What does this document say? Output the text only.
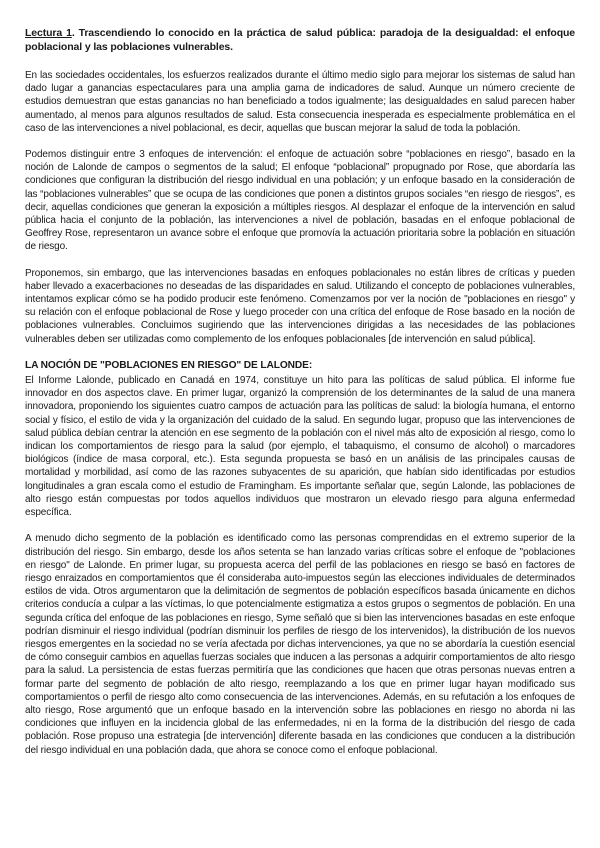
Lectura 1. Trascendiendo lo conocido en la práctica de salud pública: paradoja de la desigualdad: el enfoque poblacional y las poblaciones vulnerables.

En las sociedades occidentales, los esfuerzos realizados durante el último medio siglo para mejorar los sistemas de salud han dado lugar a ganancias espectaculares para una amplia gama de indicadores de salud. Aunque un número creciente de estudios demuestran que estas ganancias no han beneficiado a todos igualmente; las desigualdades en salud parecen haber aumentado, al menos para algunos resultados de salud. Esta consecuencia inesperada es especialmente problemática en el caso de las intervenciones a nivel poblacional, es decir, aquellas que buscan mejorar la salud de toda la población.

Podemos distinguir entre 3 enfoques de intervención: el enfoque de actuación sobre “poblaciones en riesgo”, basado en la noción de Lalonde de campos o segmentos de la salud; El enfoque “poblacional” propugnado por Rose, que abordaría las condiciones que configuran la distribución del riesgo individual en una población; y un enfoque basado en la consideración de las “poblaciones vulnerables” que se ocupa de las condiciones que ponen a distintos grupos sociales “en riesgo de riesgos”, es decir, aquellas condiciones que generan la exposición a múltiples riesgos. Al desplazar el enfoque de la intervención en salud pública hacia el conjunto de la población, las intervenciones a nivel de población, basadas en el enfoque poblacional de Geoffrey Rose, representaron un avance sobre el enfoque que promovía la actuación prioritaria sobre la población en situación de riesgo.

Proponemos, sin embargo, que las intervenciones basadas en enfoques poblacionales no están libres de críticas y pueden haber llevado a exacerbaciones no deseadas de las disparidades en salud. Utilizando el concepto de poblaciones vulnerables, intentamos explicar cómo se ha podido producir este fenómeno. Comenzamos por ver la noción de "poblaciones en riesgo" y su relación con el enfoque poblacional de Rose y luego proceder con una crítica del enfoque de Rose basado en la noción de poblaciones vulnerables. Concluimos sugiriendo que las intervenciones dirigidas a las necesidades de las poblaciones vulnerables deben ser utilizadas como complemento de los enfoques poblacionales [de intervención en salud pública].

LA NOCIÓN DE "POBLACIONES EN RIESGO" DE LALONDE:

El Informe Lalonde, publicado en Canadá en 1974, constituye un hito para las políticas de salud pública. El informe fue innovador en dos aspectos clave. En primer lugar, organizó la comprensión de los determinantes de la salud de una manera innovadora, proponiendo los siguientes cuatro campos de actuación para las políticas de salud: la biología humana, el entorno social y físico, el estilo de vida y la organización del cuidado de la salud. En segundo lugar, propuso que las intervenciones de salud pública debían centrar la atención en ese segmento de la población con el nivel más alto de exposición al riesgo, como lo indican los comportamientos de riesgo para la salud (por ejemplo, el tabaquismo, el consumo de alcohol) o marcadores biológicos (índice de masa corporal, etc.). Esta segunda propuesta se basó en un análisis de las principales causas de mortalidad y morbilidad, así como de las razones subyacentes de su aparición, que habían sido identificadas por estudios longitudinales a gran escala como el estudio de Framingham. Es importante señalar que, según Lalonde, las poblaciones de alto riesgo están compuestas por todos aquellos individuos que mostraron un elevado riesgo para alguna enfermedad específica.

A menudo dicho segmento de la población es identificado como las personas comprendidas en el extremo superior de la distribución del riesgo. Sin embargo, desde los años setenta se han lanzado varias críticas sobre el enfoque de "poblaciones en riesgo" de Lalonde. En primer lugar, su propuesta acerca del perfil de las poblaciones en riesgo se basó en factores de riesgo enraizados en comportamientos que él consideraba auto-impuestos según las elecciones individuales de determinados estilos de vida. Otros argumentaron que la delimitación de segmentos de población específicos basada únicamente en dichos criterios conducía a culpar a las víctimas, lo que potencialmente estigmatiza a estos grupos o segmentos de población. En una segunda crítica del enfoque de las poblaciones en riesgo, Syme señaló que si bien las intervenciones basadas en este enfoque podrían disminuir el riesgo individual (podrían disminuir los perfiles de riesgo de los intervenidos), la distribución de los nuevos riesgos emergentes en la sociedad no se vería afectada por dichas intervenciones, ya que no se abordaría la cuestión esencial de cómo conseguir cambios en aquellas fuerzas sociales que inducen a las personas a adquirir comportamientos de alto riesgo para la salud. La persistencia de estas fuerzas permitiría que las condiciones que hacen que otras personas nuevas entren a formar parte del segmento de población de alto riesgo, reemplazando a los que en primer lugar hayan modificado sus comportamientos o perfil de riesgo alto como consecuencia de las intervenciones. Además, en su refutación a los enfoques de alto riesgo, Rose argumentó que un enfoque basado en la intervención sobre las poblaciones en riesgo no aborda ni las condiciones que influyen en la incidencia global de las enfermedades, ni en la forma de la distribución del riesgo de cada población. Rose propuso una estrategia [de intervención] diferente basada en las condiciones que conducen a la distribución del riesgo individual en una población dada, que ahora se conoce como el enfoque poblacional.
